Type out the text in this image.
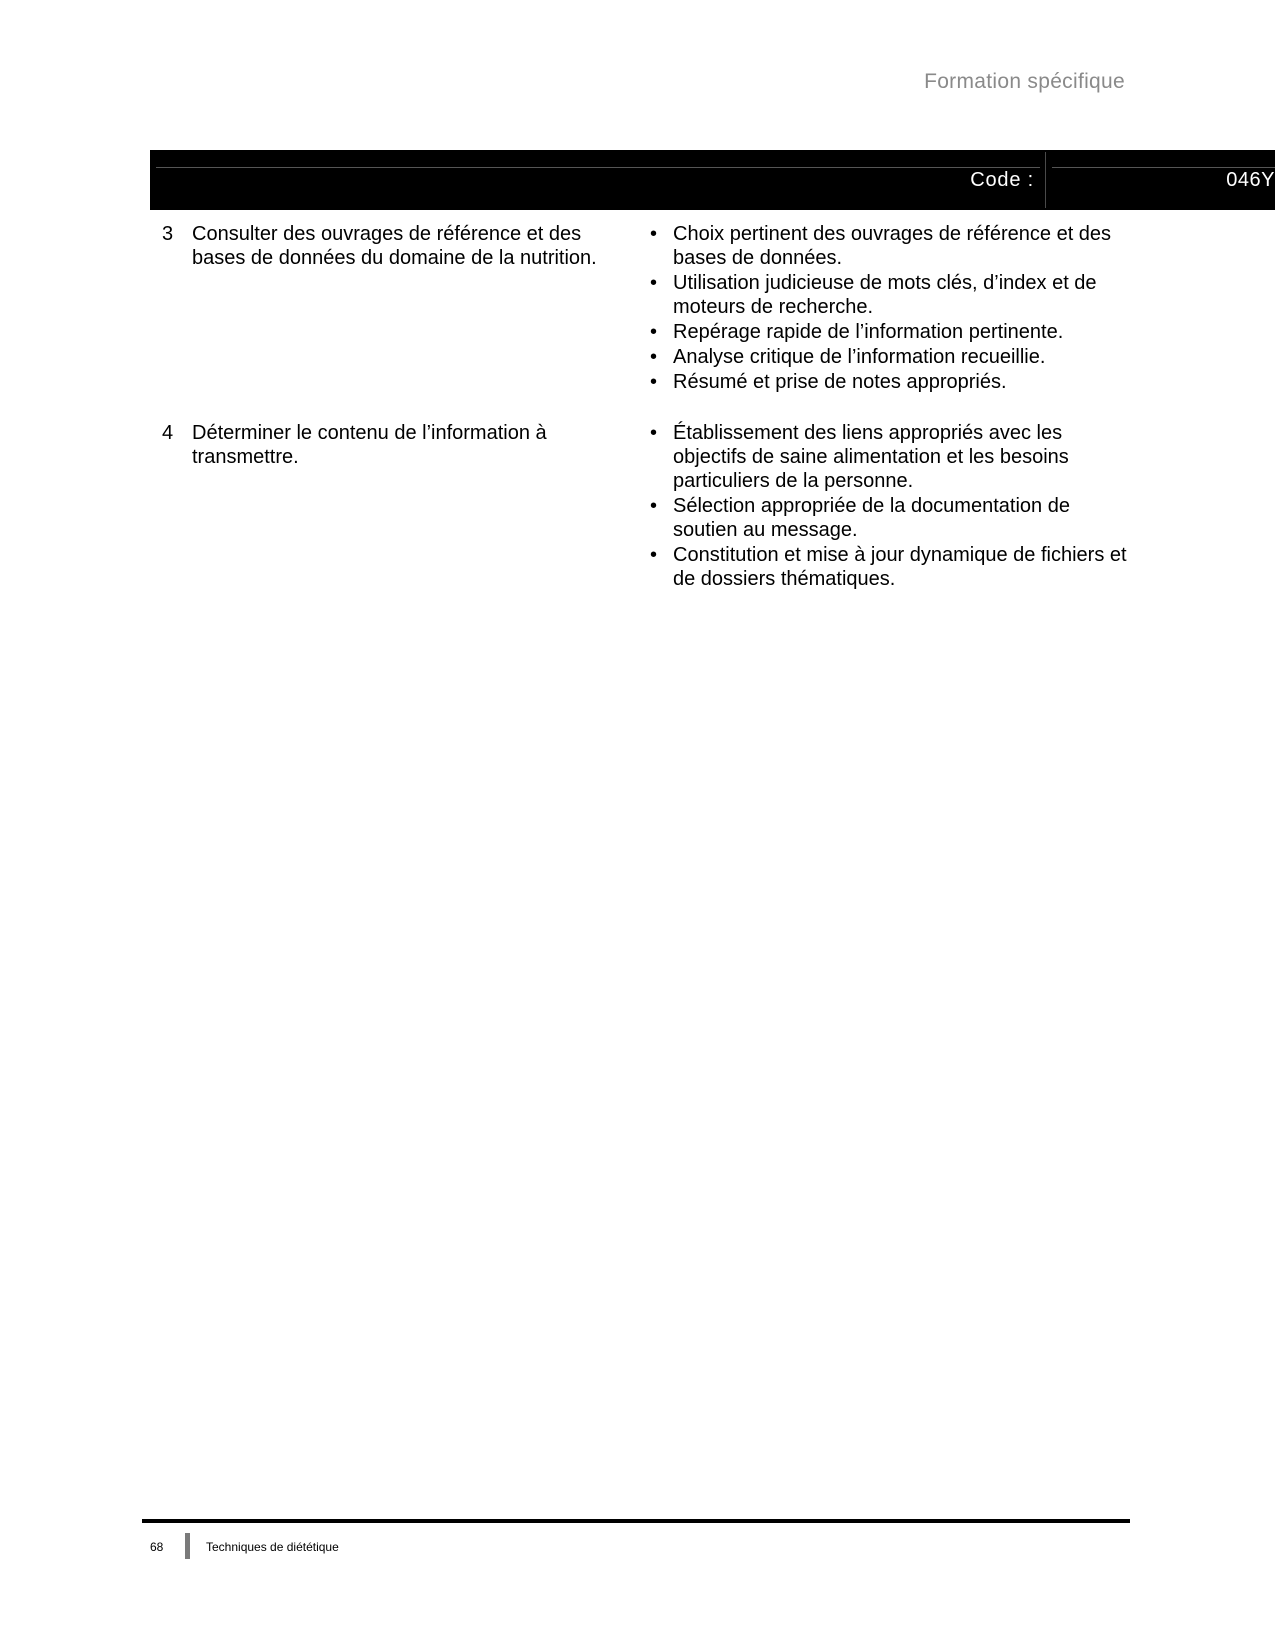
Formation spécifique
Code :	046Y
3 Consulter des ouvrages de référence et des bases de données du domaine de la nutrition.
• Choix pertinent des ouvrages de référence et des bases de données.
• Utilisation judicieuse de mots clés, d’index et de moteurs de recherche.
• Repérage rapide de l’information pertinente.
• Analyse critique de l’information recueillie.
• Résumé et prise de notes appropriés.
4 Déterminer le contenu de l’information à transmettre.
• Établissement des liens appropriés avec les objectifs de saine alimentation et les besoins particuliers de la personne.
• Sélection appropriée de la documentation de soutien au message.
• Constitution et mise à jour dynamique de fichiers et de dossiers thématiques.
68	Techniques de diététique
